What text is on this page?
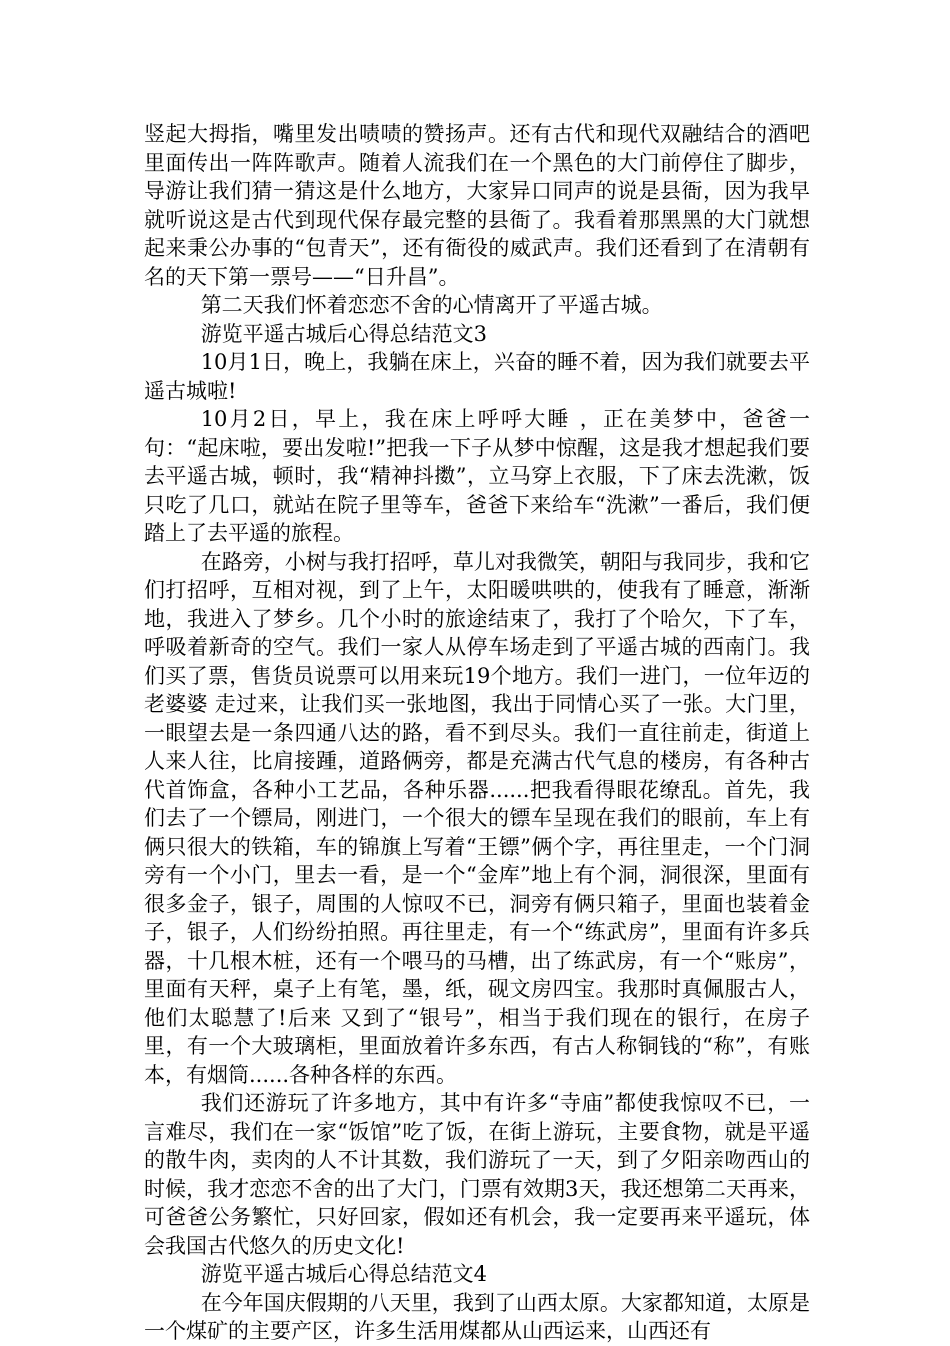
竖起大拇指，嘴里发出啧啧的赞扬声。还有古代和现代双融结合的酒吧里面传出一阵阵歌声。随着人流我们在一个黑色的大门前停住了脚步，导游让我们猜一猜这是什么地方，大家异口同声的说是县衙，因为我早就听说这是古代到现代保存最完整的县衙了。我看着那黑黑的大门就想起来秉公办事的“包青天”，还有衙役的威武声。我们还看到了在清朝有名的天下第一票号——“日升昌”。

第二天我们怀着恋恋不舍的心情离开了平遥古城。

游览平遥古城后心得总结范文3

10月1日，晚上，我躺在床上，兴奋的睡不着，因为我们就要去平遥古城啦!

10月2日，早上，我在床上呼呼大睡 ，正在美梦中，爸爸一句：“起床啦，要出发啦!”把我一下子从梦中惊醒，这是我才想起我们要去平遥古城，顿时，我“精神抖擞”，立马穿上衣服，下了床去洗漱，饭只吃了几口，就站在院子里等车，爸爸下来给车“洗漱”一番后，我们便踏上了去平遥的旅程。

在路旁，小树与我打招呼，草儿对我微笑，朝阳与我同步，我和它们打招呼，互相对视，到了上午，太阳暖哄哄的，使我有了睡意，渐渐地，我进入了梦乡。几个小时的旅途结束了，我打了个哈欠，下了车，呼吸着新奇的空气。我们一家人从停车场走到了平遥古城的西南门。我们买了票，售货员说票可以用来玩19个地方。我们一进门，一位年迈的老婆婆 走过来，让我们买一张地图，我出于同情心买了一张。大门里，一眼望去是一条四通八达的路，看不到尽头。我们一直往前走，街道上人来人往，比肩接踵，道路俩旁，都是充满古代气息的楼房，有各种古代首饰盒，各种小工艺品，各种乐器......把我看得眼花缭乱。首先，我们去了一个镖局，刚进门，一个很大的镖车呈现在我们的眼前，车上有俩只很大的铁箱，车的锦旗上写着“王镖”俩个字，再往里走，一个门洞旁有一个小门，里去一看，是一个“金库”地上有个洞，洞很深，里面有很多金子，银子，周围的人惊叹不已，洞旁有俩只箱子，里面也装着金子，银子，人们纷纷拍照。再往里走，有一个“练武房”，里面有许多兵器，十几根木桩，还有一个喂马的马槽，出了练武房，有一个“账房”，里面有天秤，桌子上有笔，墨，纸，砚文房四宝。我那时真佩服古人，他们太聪慧了!后来 又到了“银号”，相当于我们现在的银行，在房子里，有一个大玻璃柜，里面放着许多东西，有古人称铜钱的“称”，有账本，有烟筒......各种各样的东西。

我们还游玩了许多地方，其中有许多“寺庙”都使我惊叹不已，一言难尽，我们在一家“饭馆”吃了饭，在街上游玩，主要食物，就是平遥的散牛肉，卖肉的人不计其数，我们游玩了一天，到了夕阳亲吻西山的时候，我才恋恋不舍的出了大门，门票有效期3天，我还想第二天再来，可爸爸公务繁忙，只好回家，假如还有机会，我一定要再来平遥玩，体会我国古代悠久的历史文化!

游览平遥古城后心得总结范文4

在今年国庆假期的八天里，我到了山西太原。大家都知道，太原是一个煤矿的主要产区，许多生活用煤都从山西运来，山西还有
